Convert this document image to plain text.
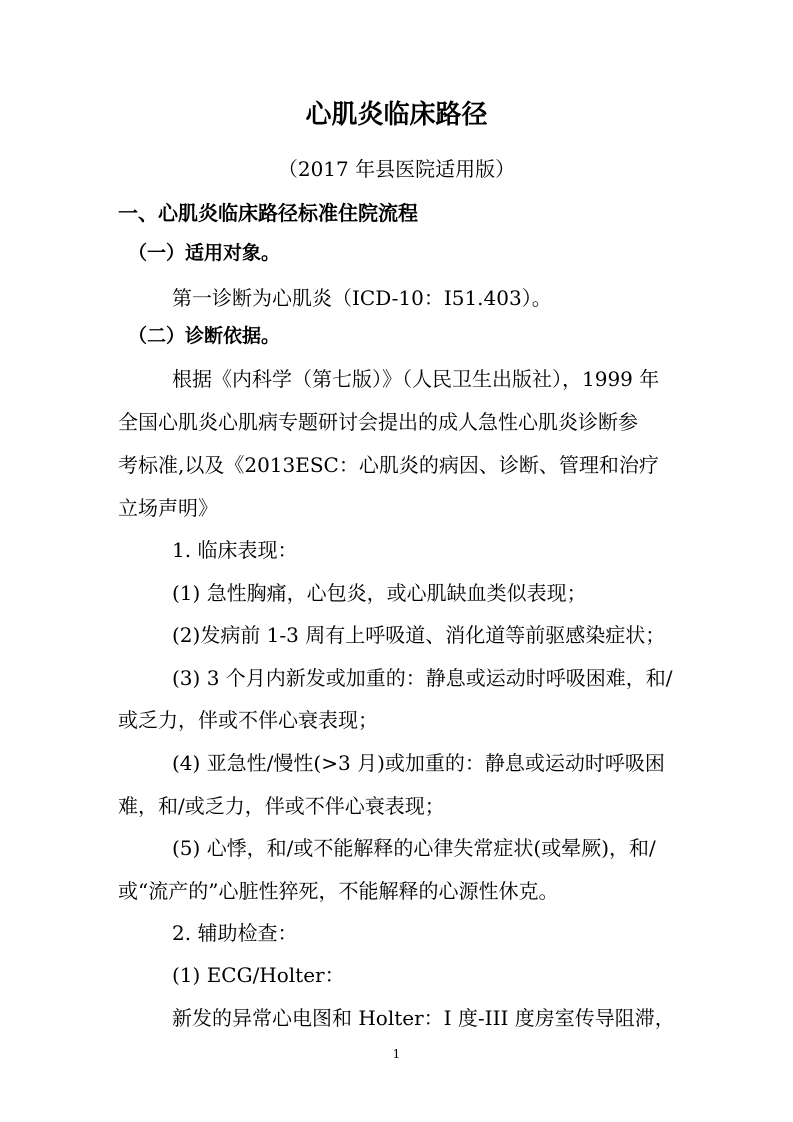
心肌炎临床路径
（2017 年县医院适用版）
一、心肌炎临床路径标准住院流程
（一）适用对象。
第一诊断为心肌炎（ICD-10：I51.403）。
（二）诊断依据。
根据《内科学（第七版）》（人民卫生出版社），1999 年
全国心肌炎心肌病专题研讨会提出的成人急性心肌炎诊断参
考标准,以及《2013ESC：心肌炎的病因、诊断、管理和治疗
立场声明》
1. 临床表现：
(1) 急性胸痛，心包炎，或心肌缺血类似表现；
(2)发病前 1-3 周有上呼吸道、消化道等前驱感染症状；
(3) 3 个月内新发或加重的：静息或运动时呼吸困难，和/
或乏力，伴或不伴心衰表现；
(4) 亚急性/慢性(>3 月)或加重的：静息或运动时呼吸困
难，和/或乏力，伴或不伴心衰表现；
(5) 心悸，和/或不能解释的心律失常症状(或晕厥)，和/
或“流产的”心脏性猝死，不能解释的心源性休克。
2. 辅助检查：
(1) ECG/Holter：
新发的异常心电图和 Holter：I 度-III 度房室传导阻滞，
1
